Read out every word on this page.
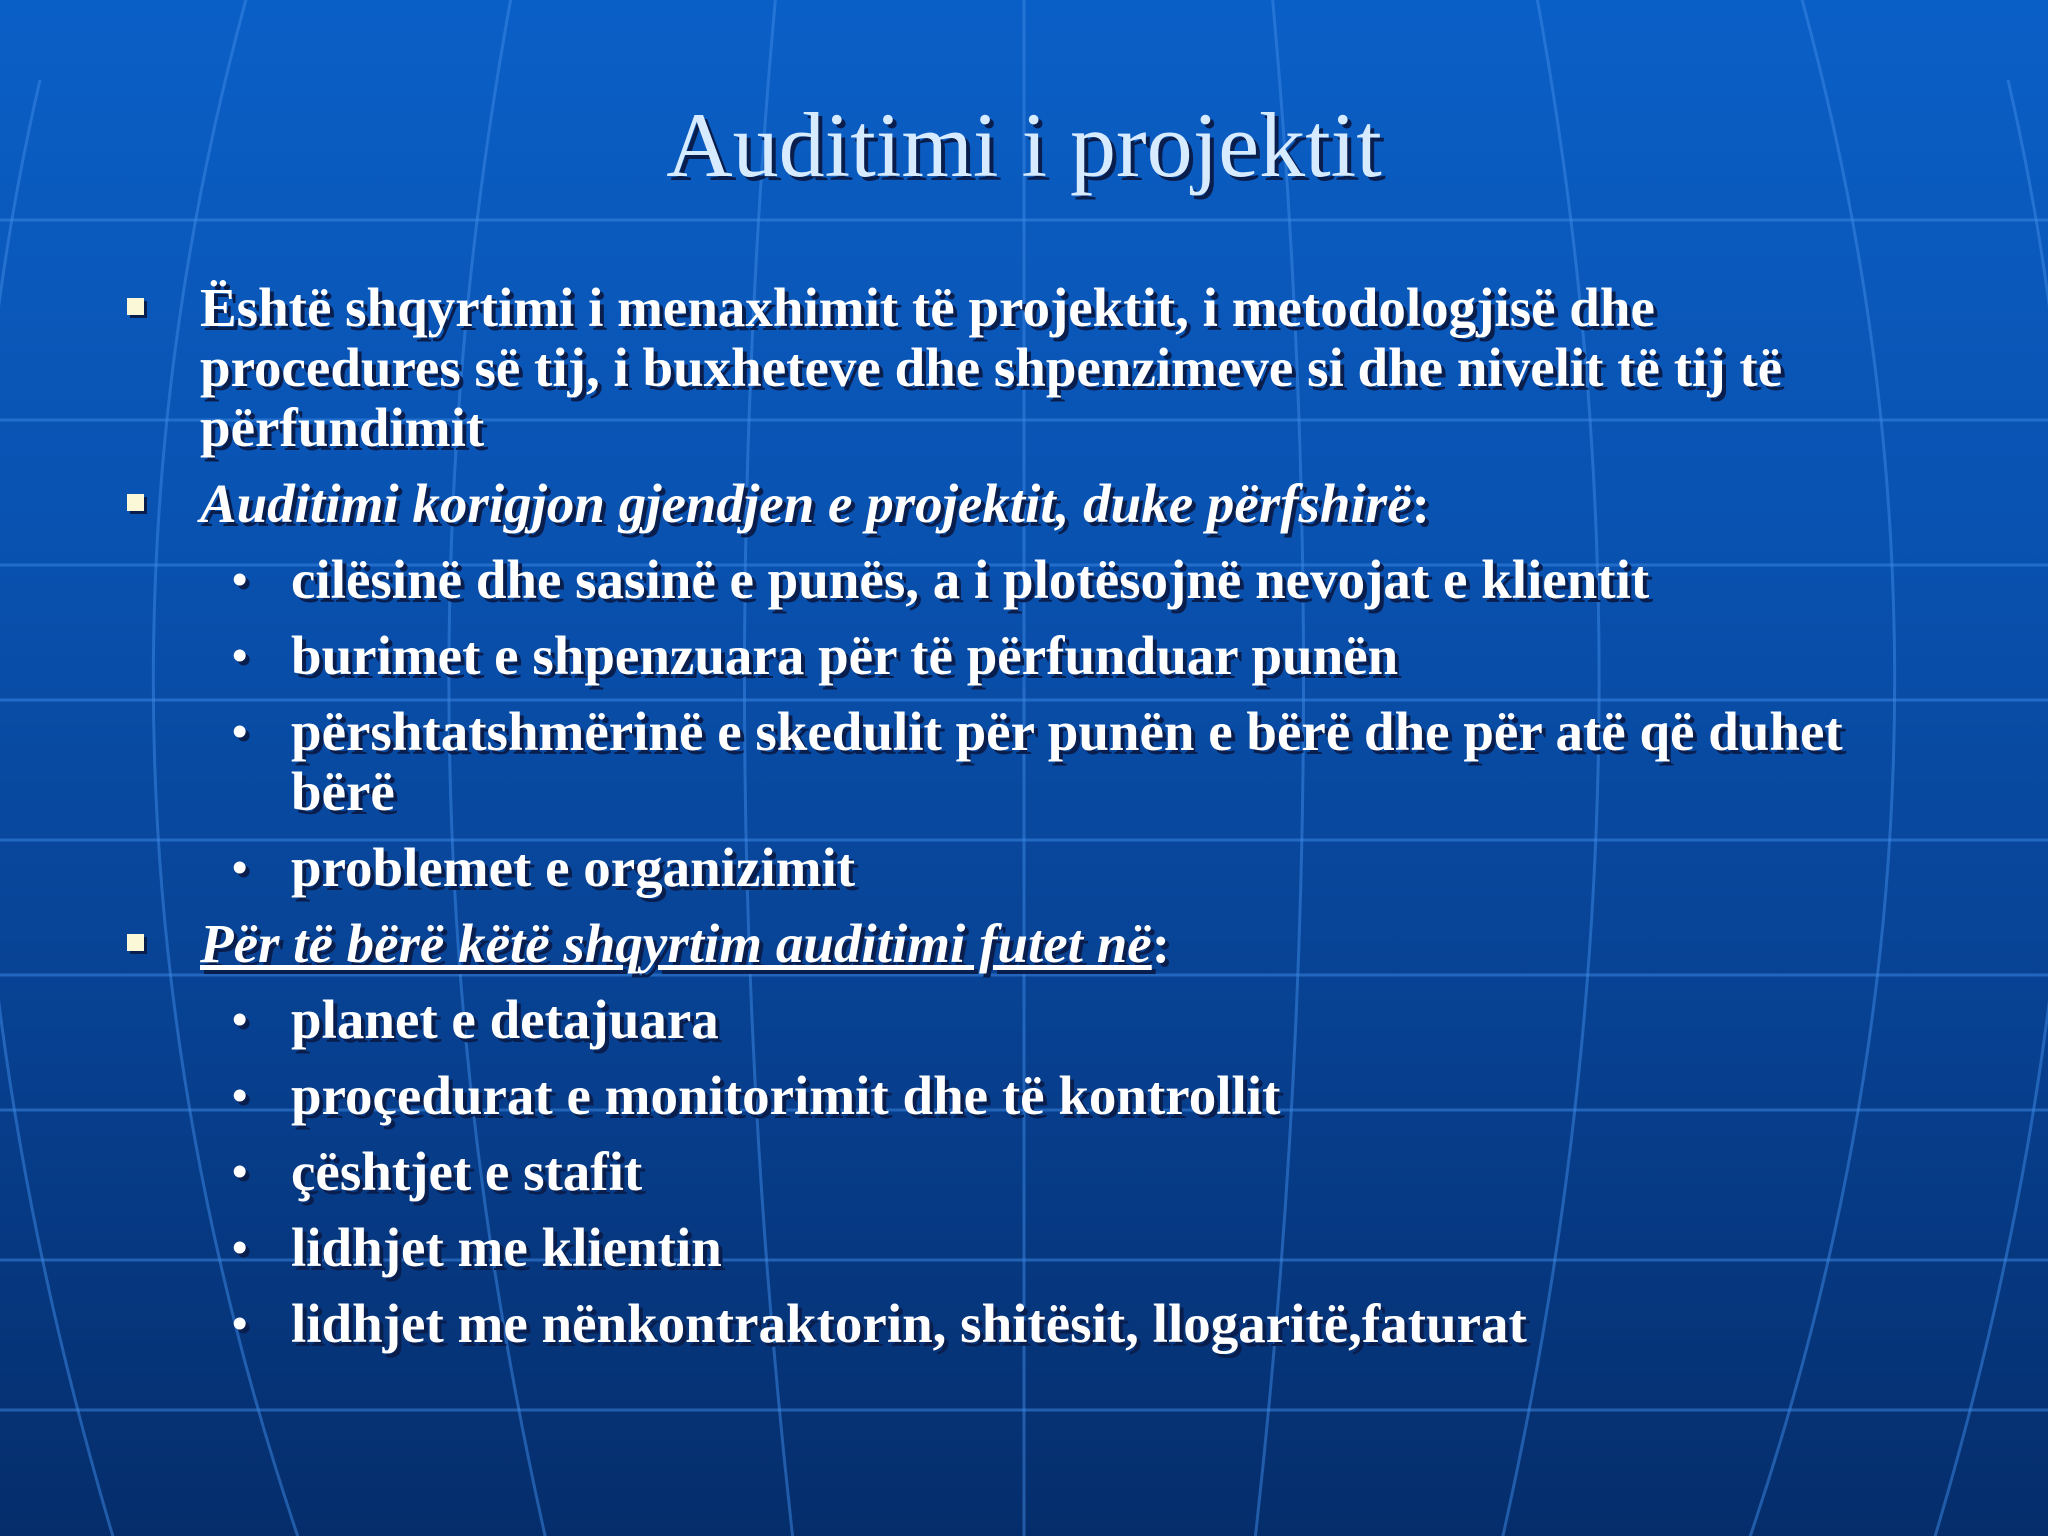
Auditimi i projektit
Është shqyrtimi i menaxhimit të projektit, i metodologjisë dhe procedures së tij, i buxheteve dhe shpenzimeve si dhe nivelit të tij të përfundimit
Auditimi korigjon gjendjen e projektit, duke përfshirë:
• cilësinë dhe sasinë e punës, a i plotësojnë nevojat e klientit
• burimet e shpenzuara për të përfunduar punën
• përshtatshmërinë e skedulit për punën e bërë dhe për atë që duhet bërë
• problemet e organizimit
Për të bërë këtë shqyrtim auditimi futet në:
• planet e detajuara
• proçedurat e monitorimit dhe të kontrollit
• çështjet e stafit
• lidhjet me klientin
• lidhjet me nënkontraktorin, shitësit, llogaritë,faturat
